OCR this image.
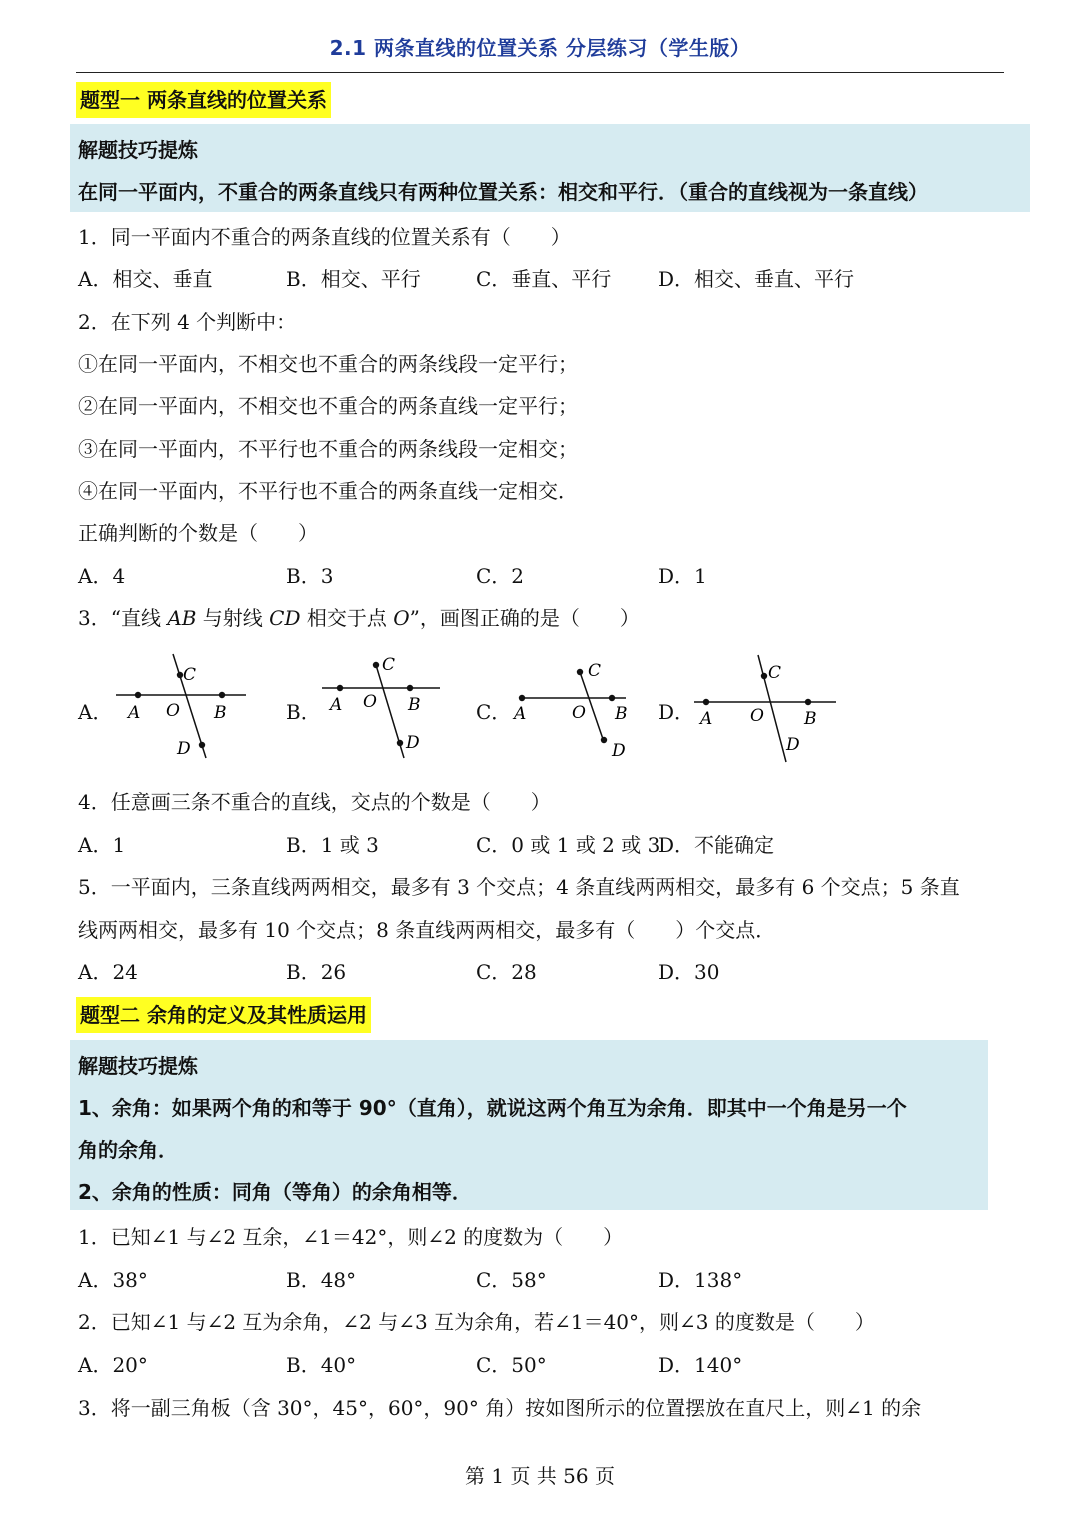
2.1 两条直线的位置关系 分层练习（学生版）
题型一 两条直线的位置关系
解题技巧提炼
在同一平面内，不重合的两条直线只有两种位置关系：相交和平行．（重合的直线视为一条直线）
1．同一平面内不重合的两条直线的位置关系有（　　）
A．相交、垂直	B．相交、平行	C．垂直、平行 D．相交、垂直、平行
2．在下列 4 个判断中：
①在同一平面内，不相交也不重合的两条线段一定平行；
②在同一平面内，不相交也不重合的两条直线一定平行；
③在同一平面内，不平行也不重合的两条线段一定相交；
④在同一平面内，不平行也不重合的两条直线一定相交．
正确判断的个数是（　　）
A．4	B．3	C．2	D．1
3．“直线 AB 与射线 CD 相交于点 O”，画图正确的是（　　）
A．	B．	C．	D．
C
D
A O B
C
D
A O B
C
D
A	O B
C
D
A O B
4．任意画三条不重合的直线，交点的个数是（　　）
A．1	B．1 或 3	C．0 或 1 或 2 或 3
D．不能确定
5．一平面内，三条直线两两相交，最多有 3 个交点；4 条直线两两相交，最多有 6 个交点；5 条直
线两两相交，最多有 10 个交点；8 条直线两两相交，最多有（　　）个交点．
A．24	B．26	C．28	D．30
题型二 余角的定义及其性质运用
解题技巧提炼
1、余角：如果两个角的和等于 90°（直角），就说这两个角互为余角．即其中一个角是另一个
角的余角．
2、余角的性质：同角（等角）的余角相等．
1．已知∠1 与∠2 互余，∠1＝42°，则∠2 的度数为（　　）
A．38°	B．48°	C．58°	D．138°
2．已知∠1 与∠2 互为余角，∠2 与∠3 互为余角，若∠1＝40°，则∠3 的度数是（　　）
A．20°	B．40°	C．50°	D．140°
3．将一副三角板（含 30°，45°，60°，90° 角）按如图所示的位置摆放在直尺上，则∠1 的余
第 1 页 共 56 页
